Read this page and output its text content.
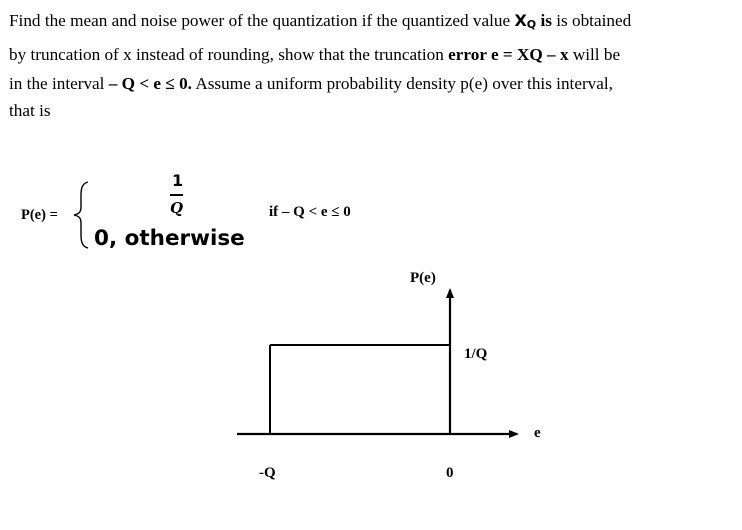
Find the mean and noise power of the quantization if the quantized value $X_Q$ is is obtained
by truncation of x instead of rounding, show that the truncation error e = XQ – x will be
in the interval – Q < e ≤ 0. Assume a uniform probability density p(e) over this interval,
that is
P(e) =
1
Q	if – Q < e ≤ 0
0, otherwise
P(e)
1/Q
e
-Q	0
